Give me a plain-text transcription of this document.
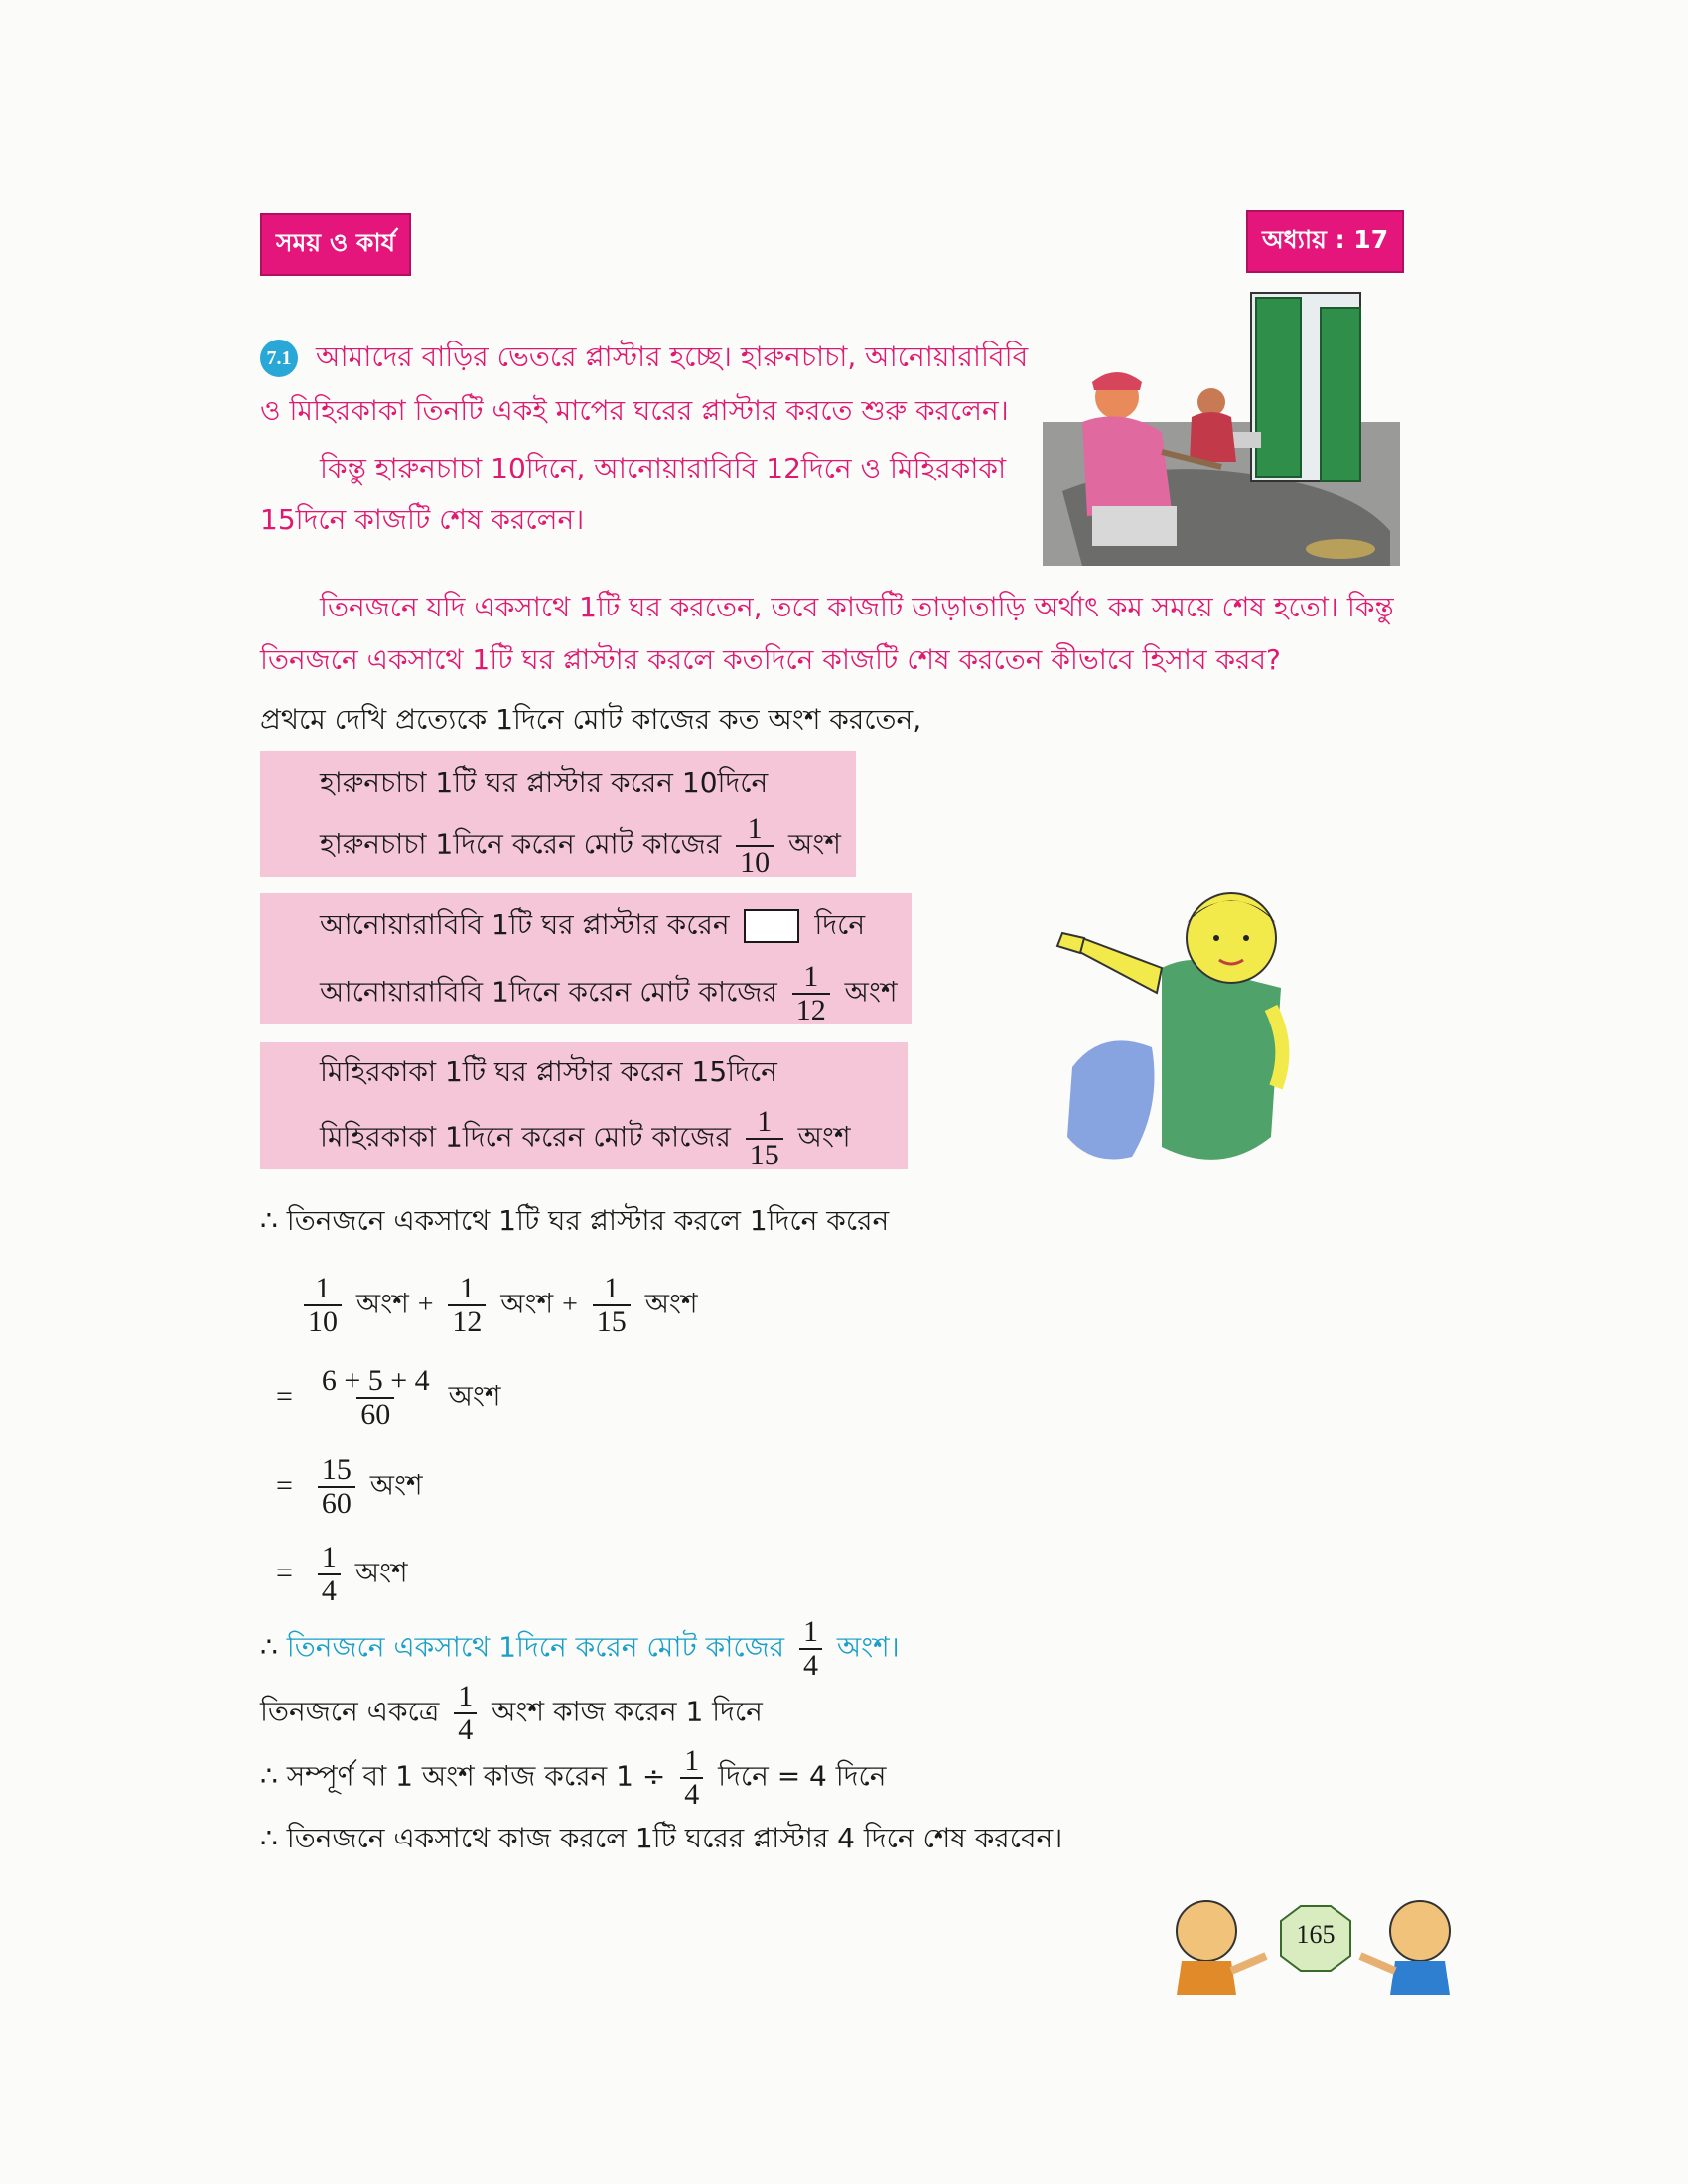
সময় ও কার্য	অধ্যায় : 17
7.1 আমাদের বাড়ির ভেতরে প্লাস্টার হচ্ছে। হারুনচাচা, আনোয়ারাবিবি
ও মিহিরকাকা তিনটি একই মাপের ঘরের প্লাস্টার করতে শুরু করলেন।
কিন্তু হারুনচাচা 10দিনে, আনোয়ারাবিবি 12দিনে ও মিহিরকাকা
15দিনে কাজটি শেষ করলেন।
তিনজনে যদি একসাথে 1টি ঘর করতেন, তবে কাজটি তাড়াতাড়ি অর্থাৎ কম সময়ে শেষ হতো। কিন্তু
তিনজনে একসাথে 1টি ঘর প্লাস্টার করলে কতদিনে কাজটি শেষ করতেন কীভাবে হিসাব করব?
প্রথমে দেখি প্রত্যেকে 1দিনে মোট কাজের কত অংশ করতেন,
হারুনচাচা 1টি ঘর প্লাস্টার করেন 10দিনে
হারুনচাচা 1দিনে করেন মোট কাজের $\frac{1}{10}$ অংশ
আনোয়ারাবিবি 1টি ঘর প্লাস্টার করেন	দিনে
আনোয়ারাবিবি 1দিনে করেন মোট কাজের $\frac{1}{12}$ অংশ
মিহিরকাকা 1টি ঘর প্লাস্টার করেন 15দিনে
মিহিরকাকা 1দিনে করেন মোট কাজের $\frac{1}{15}$ অংশ
∴ তিনজনে একসাথে 1টি ঘর প্লাস্টার করলে 1দিনে করেন
$\frac{1}{10}$ অংশ + $\frac{1}{12}$ অংশ + $\frac{1}{15}$ অংশ
= $\frac{6 + 5 + 4}{60}$ অংশ
= $\frac{15}{60}$ অংশ
= $\frac{1}{4}$ অংশ
∴ তিনজনে একসাথে 1দিনে করেন মোট কাজের $\frac{1}{4}$ অংশ।
তিনজনে একত্রে $\frac{1}{4}$ অংশ কাজ করেন 1 দিনে
∴ সম্পূর্ণ বা 1 অংশ কাজ করেন $1 \div \frac{1}{4}$ দিনে = 4 দিনে
∴ তিনজনে একসাথে কাজ করলে 1টি ঘরের প্লাস্টার 4 দিনে শেষ করবেন।
165
